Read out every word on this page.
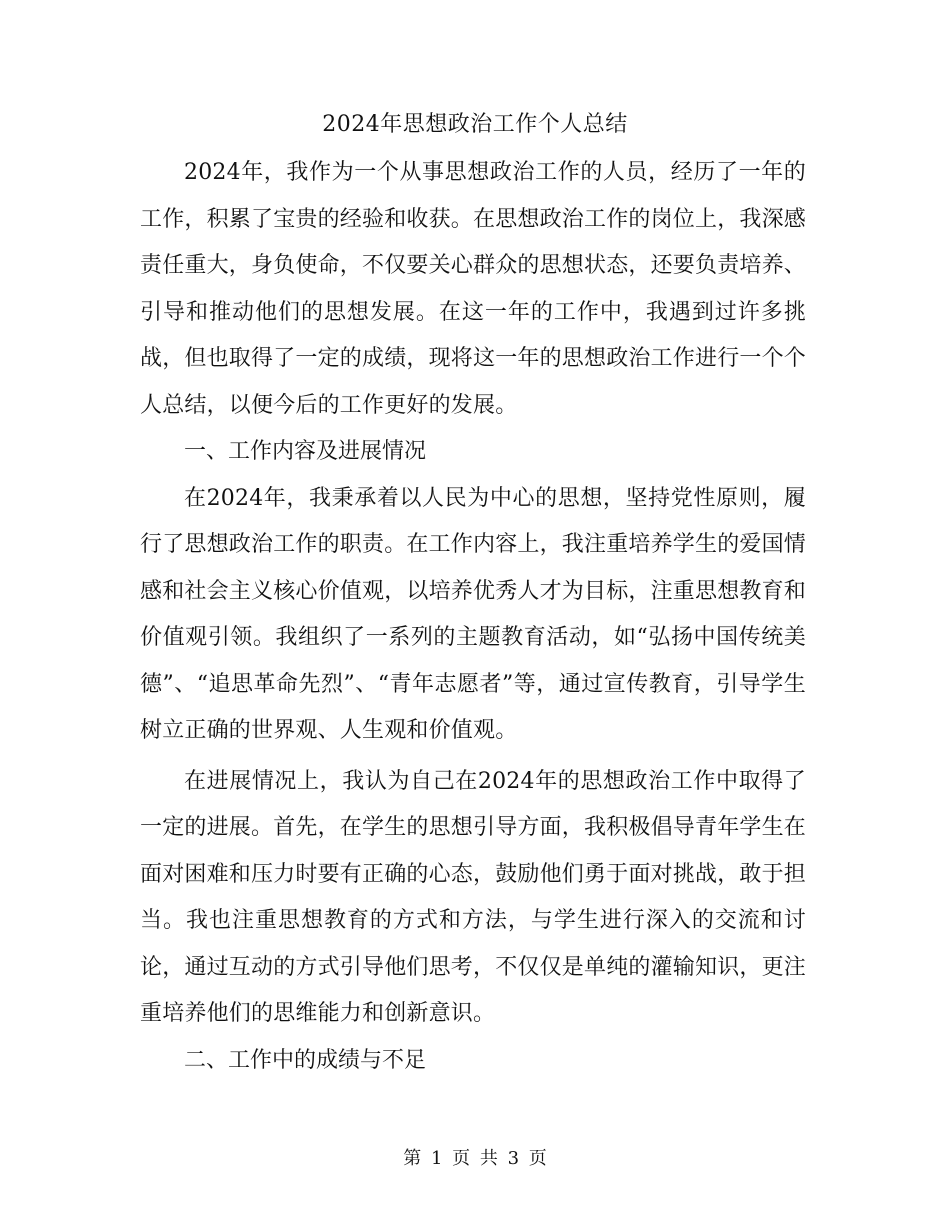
2024年思想政治工作个人总结

2024年，我作为一个从事思想政治工作的人员，经历了一年的工作，积累了宝贵的经验和收获。在思想政治工作的岗位上，我深感责任重大，身负使命，不仅要关心群众的思想状态，还要负责培养、引导和推动他们的思想发展。在这一年的工作中，我遇到过许多挑战，但也取得了一定的成绩，现将这一年的思想政治工作进行一个个人总结，以便今后的工作更好的发展。

一、工作内容及进展情况

在2024年，我秉承着以人民为中心的思想，坚持党性原则，履行了思想政治工作的职责。在工作内容上，我注重培养学生的爱国情感和社会主义核心价值观，以培养优秀人才为目标，注重思想教育和价值观引领。我组织了一系列的主题教育活动，如“弘扬中国传统美德”、“追思革命先烈”、“青年志愿者”等，通过宣传教育，引导学生树立正确的世界观、人生观和价值观。

在进展情况上，我认为自己在2024年的思想政治工作中取得了一定的进展。首先，在学生的思想引导方面，我积极倡导青年学生在面对困难和压力时要有正确的心态，鼓励他们勇于面对挑战，敢于担当。我也注重思想教育的方式和方法，与学生进行深入的交流和讨论，通过互动的方式引导他们思考，不仅仅是单纯的灌输知识，更注重培养他们的思维能力和创新意识。

二、工作中的成绩与不足

第 1 页 共 3 页
